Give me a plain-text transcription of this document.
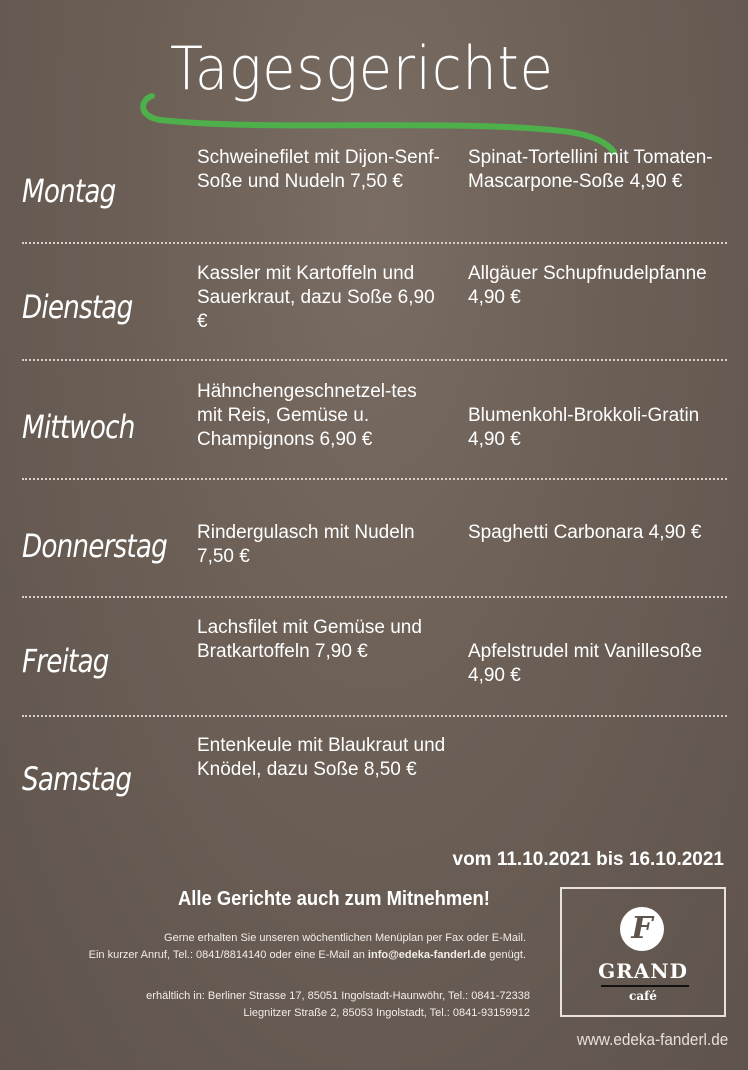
Tagesgerichte
Montag
Schweinefilet mit Dijon-Senf-Soße und Nudeln 7,50 €
Spinat-Tortellini mit Tomaten-Mascarpone-Soße 4,90 €
Dienstag
Kassler mit Kartoffeln und Sauerkraut, dazu Soße 6,90 €
Allgäuer Schupfnudelpfanne 4,90 €
Mittwoch
Hähnchengeschnetzel-tes mit Reis, Gemüse u. Champignons 6,90 €
Blumenkohl-Brokkoli-Gratin 4,90 €
Donnerstag Rindergulasch mit Nudeln 7,50 €
Spaghetti Carbonara 4,90 €
Freitag
Lachsfilet mit Gemüse und Bratkartoffeln 7,90 €	Apfelstrudel mit Vanillesoße 4,90 €
Samstag
Entenkeule mit Blaukraut und Knödel, dazu Soße 8,50 €
vom 11.10.2021 bis 16.10.2021
Alle Gerichte auch zum Mitnehmen!
Gerne erhalten Sie unseren wöchentlichen Menüplan per Fax oder E-Mail.
Ein kurzer Anruf, Tel.: 0841/8814140 oder eine E-Mail an info@edeka-fanderl.de genügt.
erhältlich in: Berliner Strasse 17, 85051 Ingolstadt-Haunwöhr, Tel.: 0841-72338
Liegnitzer Straße 2, 85053 Ingolstadt, Tel.: 0841-93159912
F
GRAND
café
www.edeka-fanderl.de
